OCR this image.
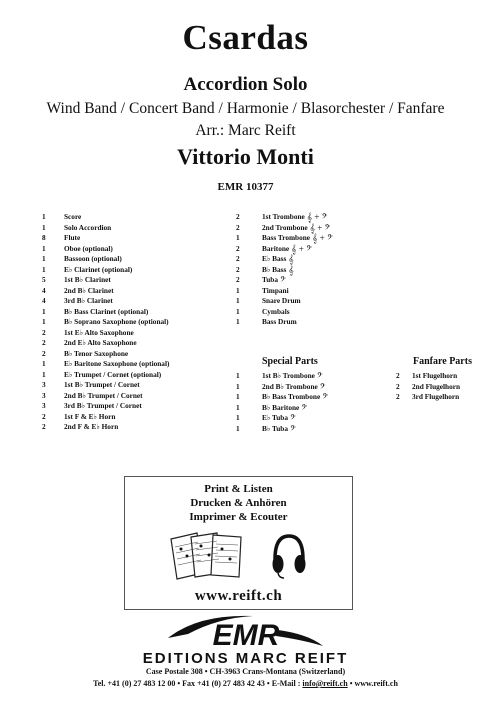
Csardas
Accordion Solo
Wind Band / Concert Band / Harmonie / Blasorchester / Fanfare
Arr.: Marc Reift
Vittorio Monti
EMR 10377
1	Score
1	Solo Accordion
8	Flute
1	Oboe (optional)
1	Bassoon (optional)
1	E♭ Clarinet (optional)
5	1st B♭ Clarinet
4	2nd B♭ Clarinet
4	3rd B♭ Clarinet
1	B♭ Bass Clarinet (optional)
1	B♭ Soprano Saxophone (optional)
2	1st E♭ Alto Saxophone
2	2nd E♭ Alto Saxophone
2	B♭ Tenor Saxophone
1	E♭ Baritone Saxophone (optional)
1	E♭ Trumpet / Cornet (optional)
3	1st B♭ Trumpet / Cornet
3	2nd B♭ Trumpet / Cornet
3	3rd B♭ Trumpet / Cornet
2	1st F & E♭ Horn
2	2nd F & E♭ Horn
2	1st Trombone 𝄞 + 𝄢
2	2nd Trombone 𝄞 + 𝄢
1	Bass Trombone 𝄞 + 𝄢
2	Baritone 𝄞 + 𝄢
2	E♭ Bass 𝄞
2	B♭ Bass 𝄞
2	Tuba 𝄢
1	Timpani
1	Snare Drum
1	Cymbals
1	Bass Drum
Special Parts	Fanfare Parts
1	1st B♭ Trombone 𝄢
1	2nd B♭ Trombone 𝄢
1	B♭ Bass Trombone 𝄢
1	B♭ Baritone 𝄢
1	E♭ Tuba 𝄢
1	B♭ Tuba 𝄢
2	1st Flugelhorn
2	2nd Flugelhorn
2	3rd Flugelhorn
Print & Listen
Drucken & Anhören
Imprimer & Ecouter
www.reift.ch
EMR
EDITIONS MARC REIFT
Case Postale 308 • CH-3963 Crans-Montana (Switzerland)
Tel. +41 (0) 27 483 12 00 • Fax +41 (0) 27 483 42 43 • E-Mail : info@reift.ch • www.reift.ch
